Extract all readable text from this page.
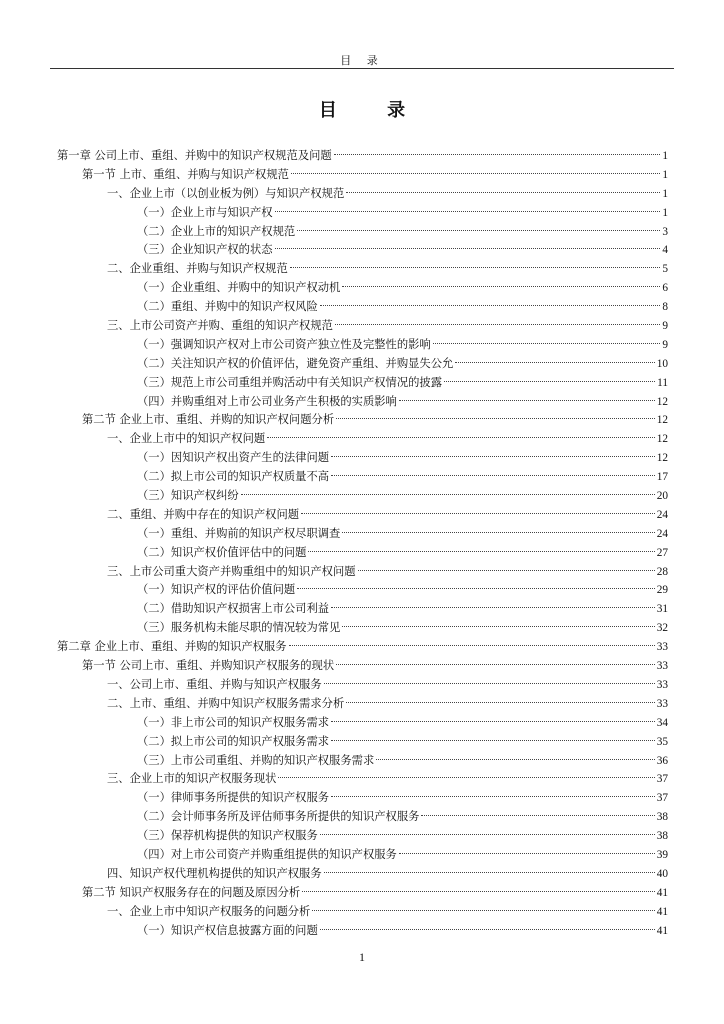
目 录
目 录
第一章 公司上市、重组、并购中的知识产权规范及问题	1
第一节 上市、重组、并购与知识产权规范	1
一、企业上市（以创业板为例）与知识产权规范	1
（一）企业上市与知识产权	1
（二）企业上市的知识产权规范	3
（三）企业知识产权的状态	4
二、企业重组、并购与知识产权规范	5
（一）企业重组、并购中的知识产权动机	6
（二）重组、并购中的知识产权风险	8
三、上市公司资产并购、重组的知识产权规范	9
（一）强调知识产权对上市公司资产独立性及完整性的影响	9
（二）关注知识产权的价值评估，避免资产重组、并购显失公允	10
（三）规范上市公司重组并购活动中有关知识产权情况的披露	11
（四）并购重组对上市公司业务产生积极的实质影响	12
第二节 企业上市、重组、并购的知识产权问题分析	12
一、企业上市中的知识产权问题	12
（一）因知识产权出资产生的法律问题	12
（二）拟上市公司的知识产权质量不高	17
（三）知识产权纠纷	20
二、重组、并购中存在的知识产权问题	24
（一）重组、并购前的知识产权尽职调查	24
（二）知识产权价值评估中的问题	27
三、上市公司重大资产并购重组中的知识产权问题	28
（一）知识产权的评估价值问题	29
（二）借助知识产权损害上市公司利益	31
（三）服务机构未能尽职的情况较为常见	32
第二章 企业上市、重组、并购的知识产权服务	33
第一节 公司上市、重组、并购知识产权服务的现状	33
一、公司上市、重组、并购与知识产权服务	33
二、上市、重组、并购中知识产权服务需求分析	33
（一）非上市公司的知识产权服务需求	34
（二）拟上市公司的知识产权服务需求	35
（三）上市公司重组、并购的知识产权服务需求	36
三、企业上市的知识产权服务现状	37
（一）律师事务所提供的知识产权服务	37
（二）会计师事务所及评估师事务所提供的知识产权服务	38
（三）保荐机构提供的知识产权服务	38
（四）对上市公司资产并购重组提供的知识产权服务	39
四、知识产权代理机构提供的知识产权服务	40
第二节 知识产权服务存在的问题及原因分析	41
一、企业上市中知识产权服务的问题分析	41
（一）知识产权信息披露方面的问题	41
1
